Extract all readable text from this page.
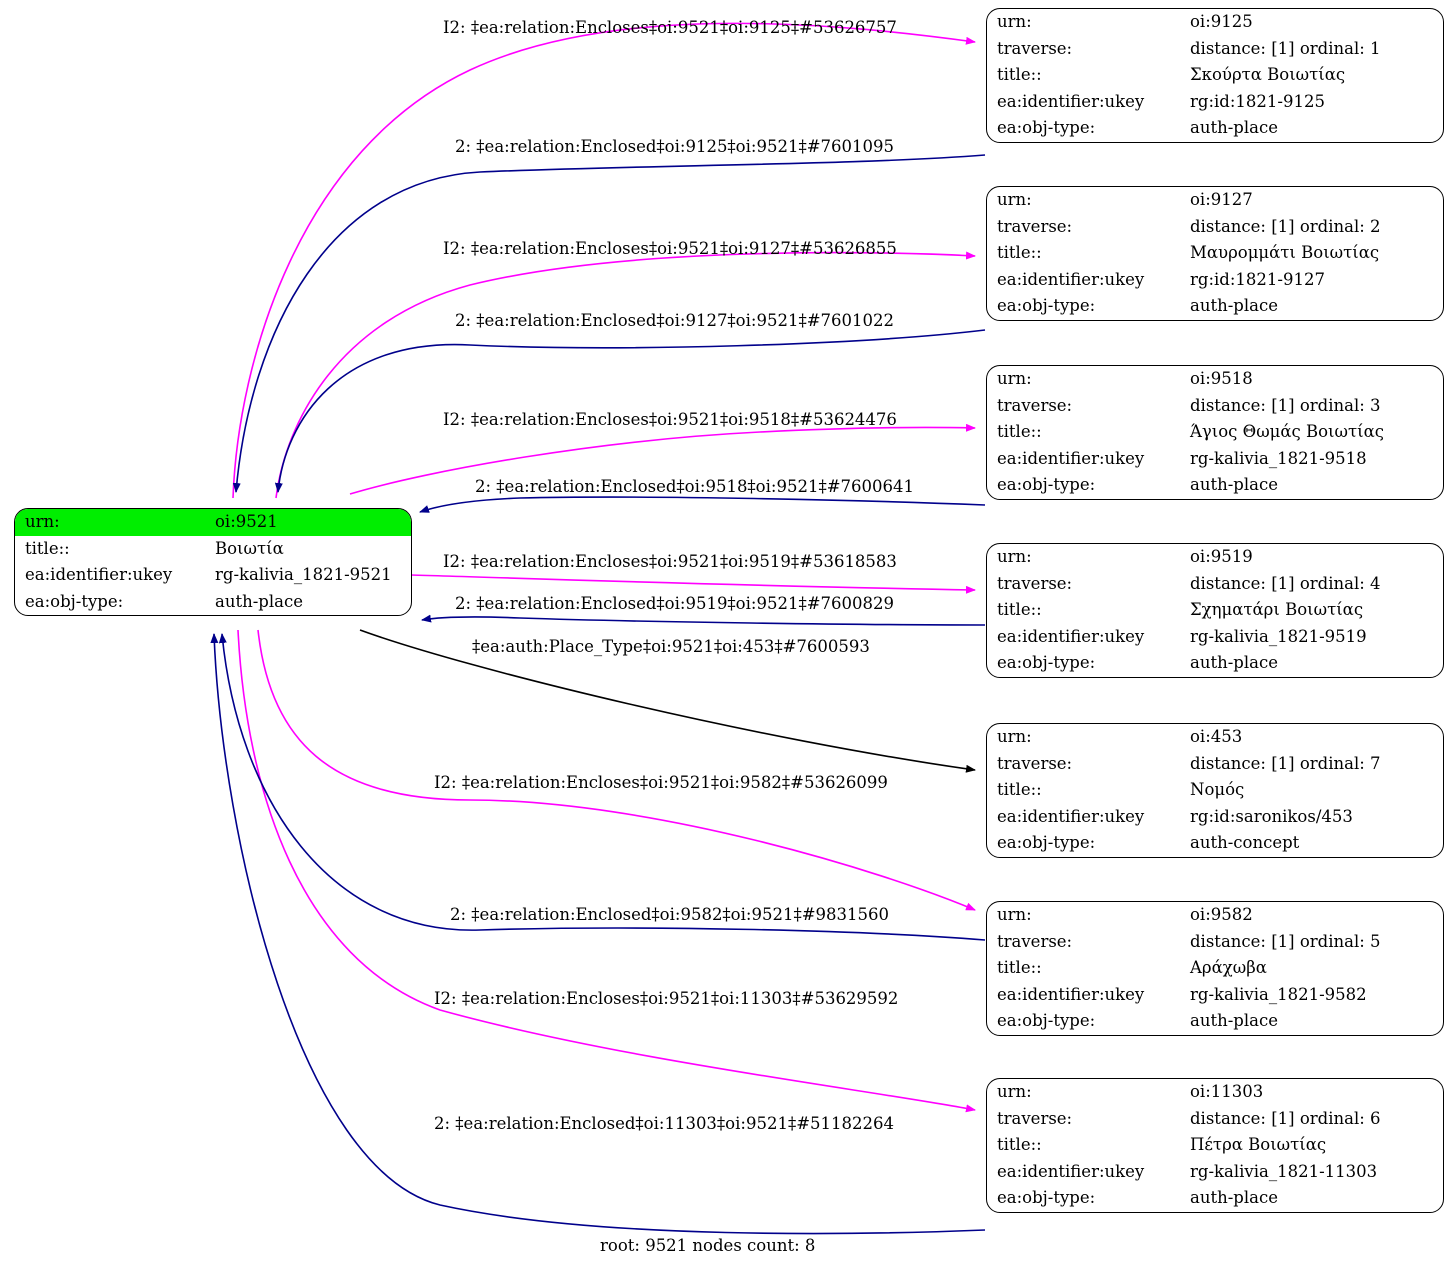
urn:	oi:9521
title::	Βοιωτία
ea:identifier:ukey	rg-kalivia_1821-9521
ea:obj-type:	auth-place
urn:	oi:9125
traverse:	distance: [1] ordinal: 1
title::	Σκούρτα Βοιωτίας
ea:identifier:ukey	rg:id:1821-9125
ea:obj-type:	auth-place
urn:	oi:9127
traverse:	distance: [1] ordinal: 2
title::	Μαυρομμάτι Βοιωτίας
ea:identifier:ukey	rg:id:1821-9127
ea:obj-type:	auth-place
urn:	oi:9518
traverse:	distance: [1] ordinal: 3
title::	Άγιος Θωμάς Βοιωτίας
ea:identifier:ukey	rg-kalivia_1821-9518
ea:obj-type:	auth-place
urn:	oi:9519
traverse:	distance: [1] ordinal: 4
title::	Σχηματάρι Βοιωτίας
ea:identifier:ukey	rg-kalivia_1821-9519
ea:obj-type:	auth-place
urn:	oi:453
traverse:	distance: [1] ordinal: 7
title::	Νομός
ea:identifier:ukey	rg:id:saronikos/453
ea:obj-type:	auth-concept
urn:	oi:9582
traverse:	distance: [1] ordinal: 5
title::	Αράχωβα
ea:identifier:ukey	rg-kalivia_1821-9582
ea:obj-type:	auth-place
urn:	oi:11303
traverse:	distance: [1] ordinal: 6
title::	Πέτρα Βοιωτίας
ea:identifier:ukey	rg-kalivia_1821-11303
ea:obj-type:	auth-place
I2: ‡ea:relation:Encloses‡oi:9521‡oi:9125‡#53626757
2: ‡ea:relation:Enclosed‡oi:9125‡oi:9521‡#7601095
I2: ‡ea:relation:Encloses‡oi:9521‡oi:9127‡#53626855
2: ‡ea:relation:Enclosed‡oi:9127‡oi:9521‡#7601022
I2: ‡ea:relation:Encloses‡oi:9521‡oi:9518‡#53624476
2: ‡ea:relation:Enclosed‡oi:9518‡oi:9521‡#7600641
I2: ‡ea:relation:Encloses‡oi:9521‡oi:9519‡#53618583
2: ‡ea:relation:Enclosed‡oi:9519‡oi:9521‡#7600829
‡ea:auth:Place_Type‡oi:9521‡oi:453‡#7600593
I2: ‡ea:relation:Encloses‡oi:9521‡oi:9582‡#53626099
2: ‡ea:relation:Enclosed‡oi:9582‡oi:9521‡#9831560
I2: ‡ea:relation:Encloses‡oi:9521‡oi:11303‡#53629592
2: ‡ea:relation:Enclosed‡oi:11303‡oi:9521‡#51182264
root: 9521 nodes count: 8
